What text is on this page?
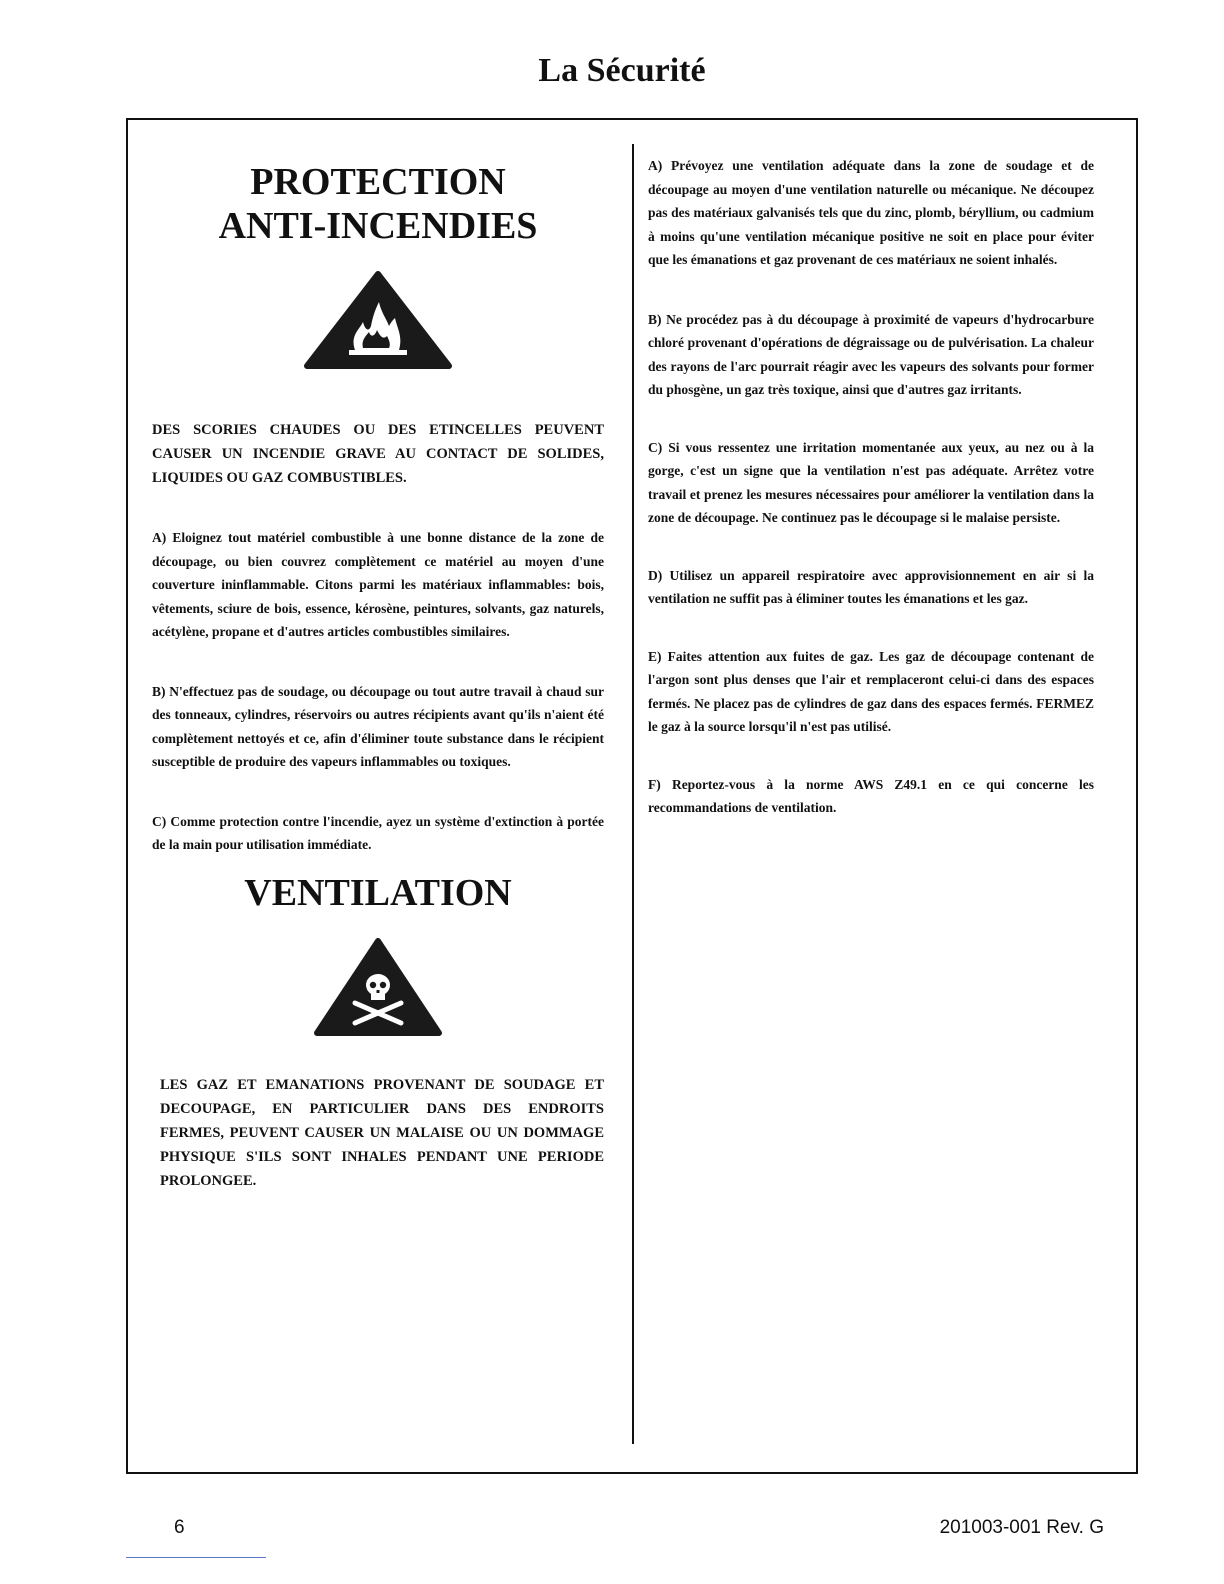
La Sécurité
PROTECTION
ANTI-INCENDIES

DES SCORIES CHAUDES OU DES ETINCELLES PEUVENT CAUSER UN INCENDIE GRAVE AU CONTACT DE SOLIDES, LIQUIDES OU GAZ COMBUSTIBLES.

A) Eloignez tout matériel combustible à une bonne distance de la zone de découpage, ou bien couvrez complètement ce matériel au moyen d'une couverture ininflammable. Citons parmi les matériaux inflammables: bois, vêtements, sciure de bois, essence, kérosène, peintures, solvants, gaz naturels, acétylène, propane et d'autres articles combustibles similaires.

B) N'effectuez pas de soudage, ou découpage ou tout autre travail à chaud sur des tonneaux, cylindres, réservoirs ou autres récipients avant qu'ils n'aient été complètement nettoyés et ce, afin d'éliminer toute substance dans le récipient susceptible de produire des vapeurs inflammables ou toxiques.

C) Comme protection contre l'incendie, ayez un système d'extinction à portée de la main pour utilisation immédiate.

VENTILATION

LES GAZ ET EMANATIONS PROVENANT DE SOUDAGE ET DECOUPAGE, EN PARTICULIER DANS DES ENDROITS FERMES, PEUVENT CAUSER UN MALAISE OU UN DOMMAGE PHYSIQUE S'ILS SONT INHALES PENDANT UNE PERIODE PROLONGEE.

A) Prévoyez une ventilation adéquate dans la zone de soudage et de découpage au moyen d'une ventilation naturelle ou mécanique. Ne découpez pas des matériaux galvanisés tels que du zinc, plomb, béryllium, ou cadmium à moins qu'une ventilation mécanique positive ne soit en place pour éviter que les émanations et gaz provenant de ces matériaux ne soient inhalés.

B) Ne procédez pas à du découpage à proximité de vapeurs d'hydrocarbure chloré provenant d'opérations de dégraissage ou de pulvérisation. La chaleur des rayons de l'arc pourrait réagir avec les vapeurs des solvants pour former du phosgène, un gaz très toxique, ainsi que d'autres gaz irritants.

C) Si vous ressentez une irritation momentanée aux yeux, au nez ou à la gorge, c'est un signe que la ventilation n'est pas adéquate. Arrêtez votre travail et prenez les mesures nécessaires pour améliorer la ventilation dans la zone de découpage. Ne continuez pas le découpage si le malaise persiste.

D) Utilisez un appareil respiratoire avec approvisionnement en air si la ventilation ne suffit pas à éliminer toutes les émanations et les gaz.

E) Faites attention aux fuites de gaz. Les gaz de découpage contenant de l'argon sont plus denses que l'air et remplaceront celui-ci dans des espaces fermés. Ne placez pas de cylindres de gaz dans des espaces fermés. FERMEZ le gaz à la source lorsqu'il n'est pas utilisé.

F) Reportez-vous à la norme AWS Z49.1 en ce qui concerne les recommandations de ventilation.

6	201003-001 Rev. G
